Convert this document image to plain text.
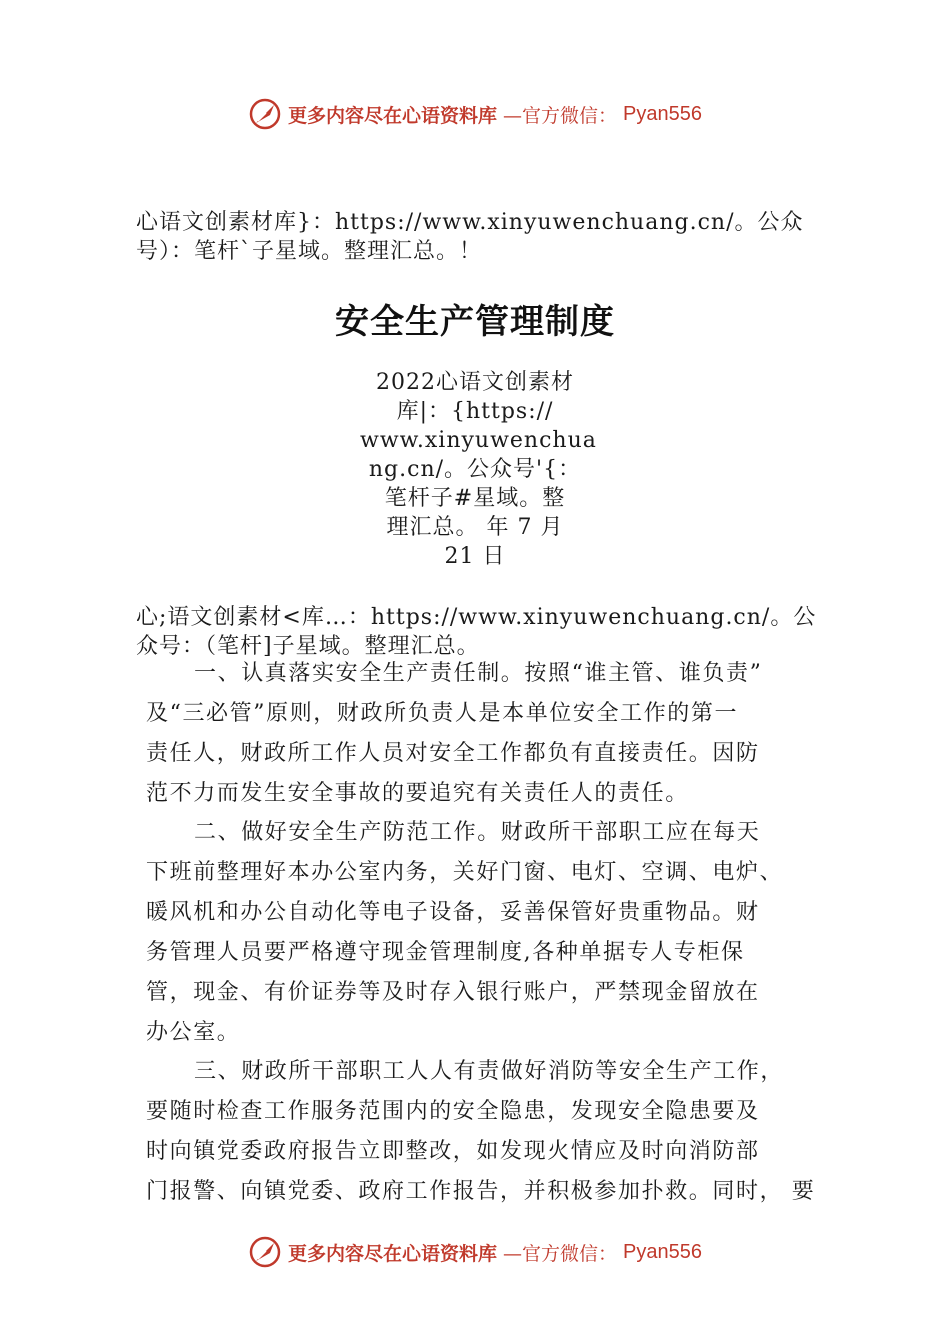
更多内容尽在心语资料库 —官方微信： Pyan556
心语文创素材库}：https://www.xinyuwenchuang.cn/。公众
号）：笔杆`子星域。整理汇总。！
安全生产管理制度
2022心语文创素材
库|：{https://
www.xinyuwenchua
ng.cn/。公众号'{：
笔杆子#星域。整
理汇总。 年 7 月
21 日
心;语文创素材<库…：https://www.xinyuwenchuang.cn/。公
众号：（笔杆]子星域。整理汇总。
一、认真落实安全生产责任制。按照“谁主管、谁负责”
及“三必管”原则，财政所负责人是本单位安全工作的第一
责任人，财政所工作人员对安全工作都负有直接责任。因防
范不力而发生安全事故的要追究有关责任人的责任。
二、做好安全生产防范工作。财政所干部职工应在每天
下班前整理好本办公室内务，关好门窗、电灯、空调、电炉、
暖风机和办公自动化等电子设备，妥善保管好贵重物品。财
务管理人员要严格遵守现金管理制度,各种单据专人专柜保
管，现金、有价证券等及时存入银行账户，严禁现金留放在
办公室。
三、财政所干部职工人人有责做好消防等安全生产工作，
要随时检查工作服务范围内的安全隐患，发现安全隐患要及
时向镇党委政府报告立即整改，如发现火情应及时向消防部
门报警、向镇党委、政府工作报告，并积极参加扑救。同时， 要
更多内容尽在心语资料库 —官方微信： Pyan556
